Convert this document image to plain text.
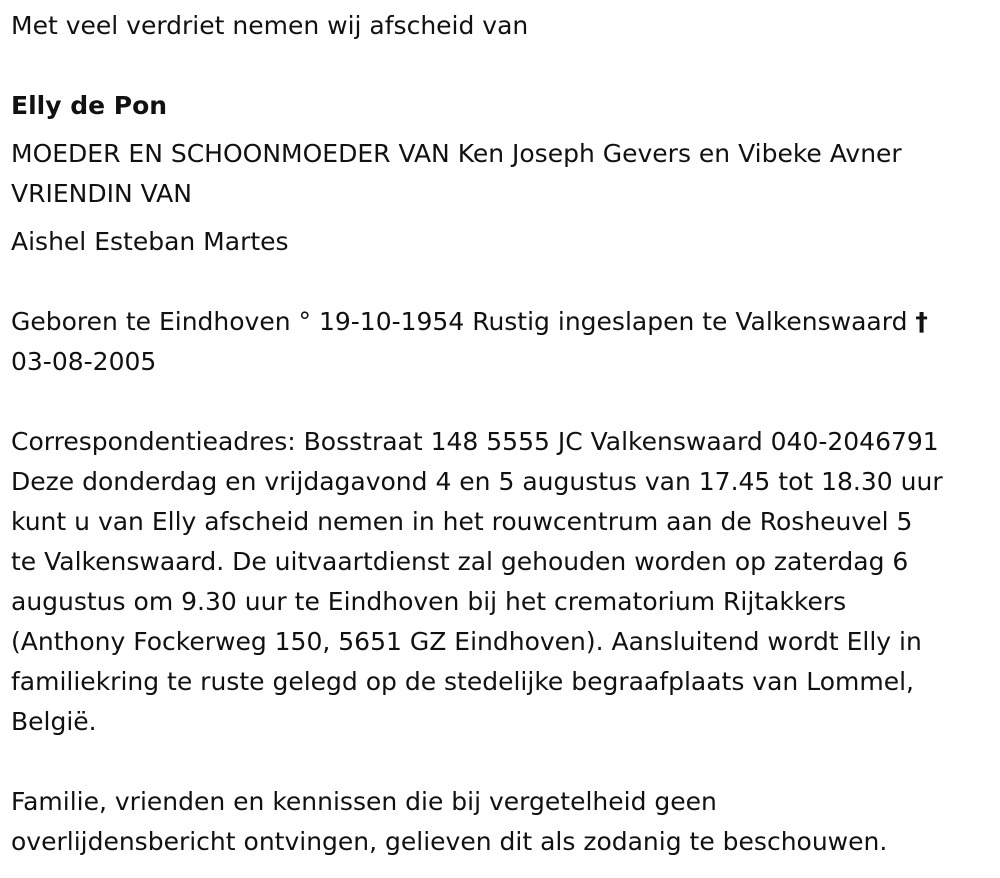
Met veel verdriet nemen wij afscheid van
Elly de Pon
MOEDER EN SCHOONMOEDER VAN Ken Joseph Gevers en Vibeke Avner
VRIENDIN VAN
Aishel Esteban Martes
Geboren te Eindhoven ° 19-10-1954 Rustig ingeslapen te Valkenswaard †
03-08-2005
Correspondentieadres: Bosstraat 148 5555 JC Valkenswaard 040-2046791
Deze donderdag en vrijdagavond 4 en 5 augustus van 17.45 tot 18.30 uur
kunt u van Elly afscheid nemen in het rouwcentrum aan de Rosheuvel 5
te Valkenswaard. De uitvaartdienst zal gehouden worden op zaterdag 6
augustus om 9.30 uur te Eindhoven bij het crematorium Rijtakkers
(Anthony Fockerweg 150, 5651 GZ Eindhoven). Aansluitend wordt Elly in
familiekring te ruste gelegd op de stedelijke begraafplaats van Lommel,
België.
Familie, vrienden en kennissen die bij vergetelheid geen
overlijdensbericht ontvingen, gelieven dit als zodanig te beschouwen.
